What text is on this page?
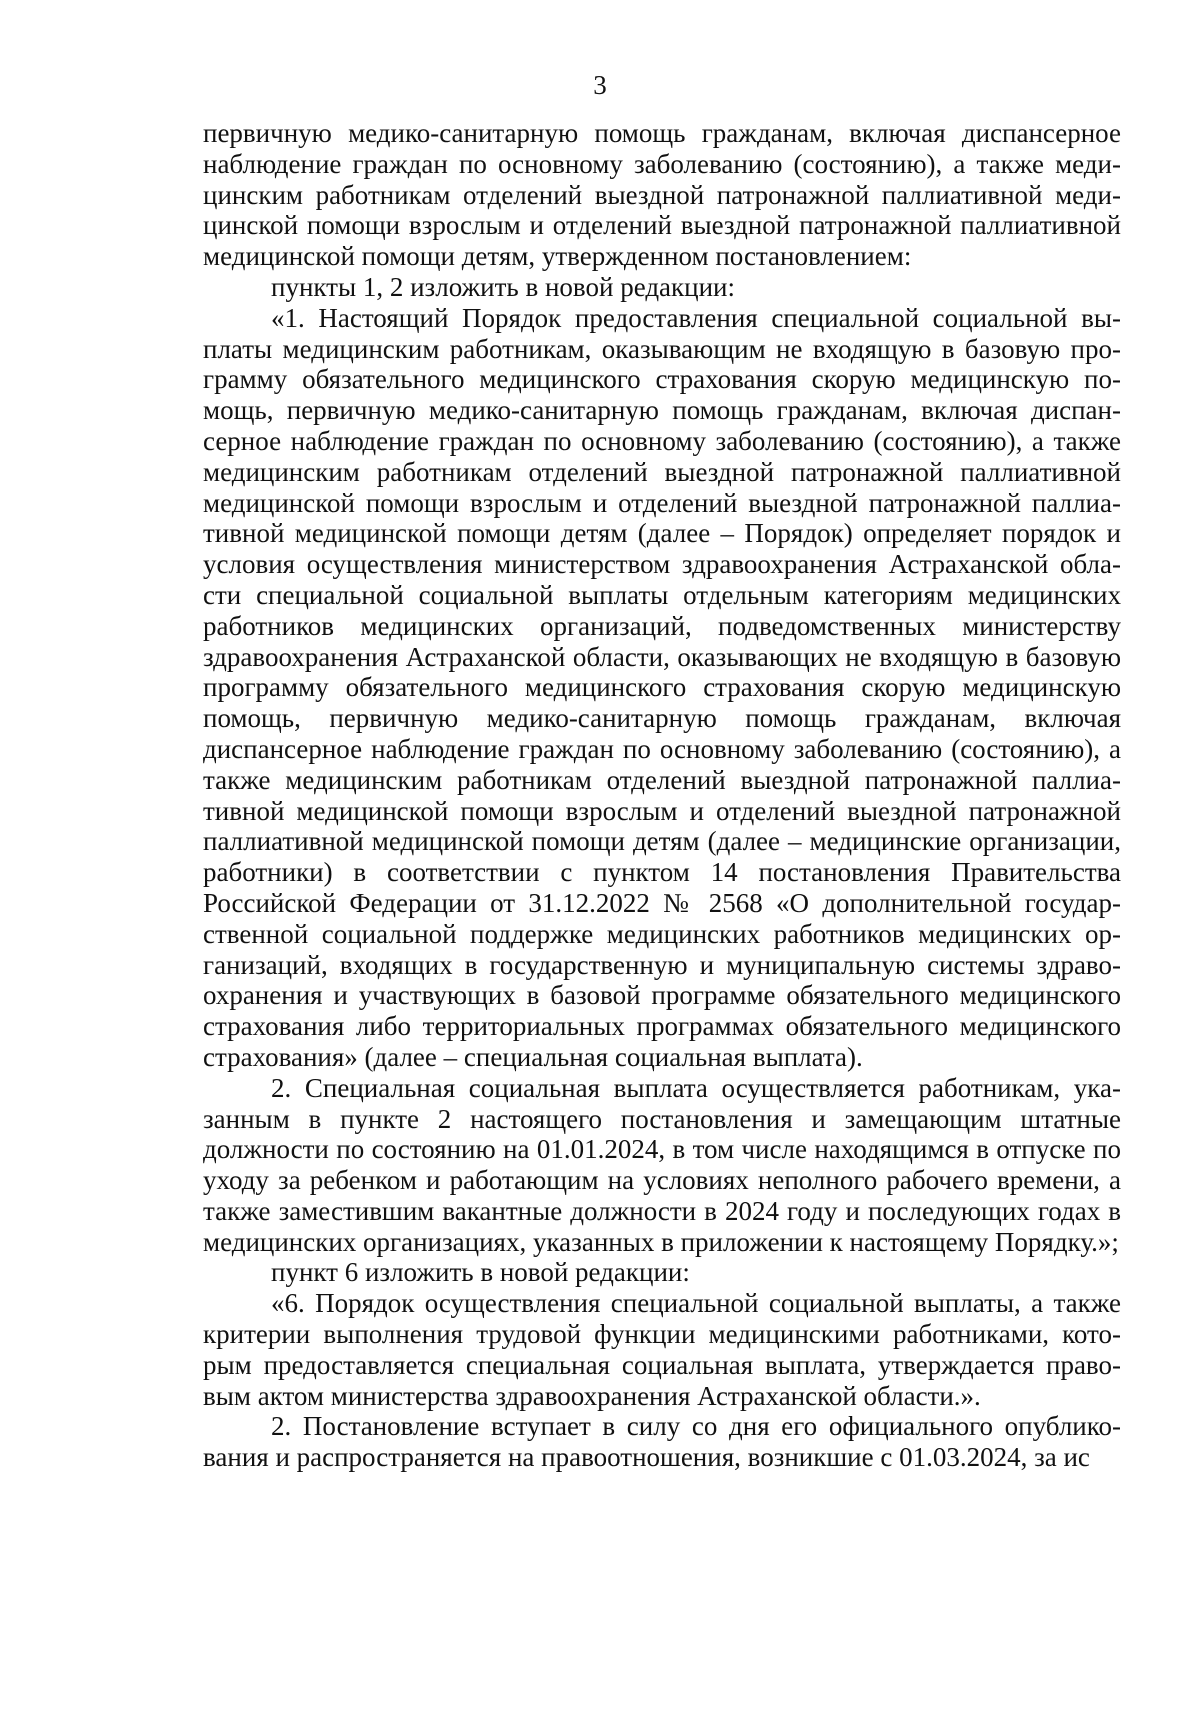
3

первичную медико-санитарную помощь гражданам, включая диспансерное наблюдение граждан по основному заболеванию (состоянию), а также медицинским работникам отделений выездной патронажной паллиативной медицинской помощи взрослым и отделений выездной патронажной паллиативной медицинской помощи детям, утвержденном постановлением:

пункты 1, 2 изложить в новой редакции:

«1. Настоящий Порядок предоставления специальной социальной выплаты медицинским работникам, оказывающим не входящую в базовую программу обязательного медицинского страхования скорую медицинскую помощь, первичную медико-санитарную помощь гражданам, включая диспансерное наблюдение граждан по основному заболеванию (состоянию), а также медицинским работникам отделений выездной патронажной паллиативной медицинской помощи взрослым и отделений выездной патронажной паллиативной медицинской помощи детям (далее – Порядок) определяет порядок и условия осуществления министерством здравоохранения Астраханской области специальной социальной выплаты отдельным категориям медицинских работников медицинских организаций, подведомственных министерству здравоохранения Астраханской области, оказывающих не входящую в базовую программу обязательного медицинского страхования скорую медицинскую помощь, первичную медико-санитарную помощь гражданам, включая диспансерное наблюдение граждан по основному заболеванию (состоянию), а также медицинским работникам отделений выездной патронажной паллиативной медицинской помощи взрослым и отделений выездной патронажной паллиативной медицинской помощи детям (далее – медицинские организации, работники) в соответствии с пунктом 14 постановления Правительства Российской Федерации от 31.12.2022 № 2568 «О дополнительной государственной социальной поддержке медицинских работников медицинских организаций, входящих в государственную и муниципальную системы здравоохранения и участвующих в базовой программе обязательного медицинского страхования либо территориальных программах обязательного медицинского страхования» (далее – специальная социальная выплата).

2. Специальная социальная выплата осуществляется работникам, указанным в пункте 2 настоящего постановления и замещающим штатные должности по состоянию на 01.01.2024, в том числе находящимся в отпуске по уходу за ребенком и работающим на условиях неполного рабочего времени, а также заместившим вакантные должности в 2024 году и последующих годах в медицинских организациях, указанных в приложении к настоящему Порядку.»;

пункт 6 изложить в новой редакции:

«6. Порядок осуществления специальной социальной выплаты, а также критерии выполнения трудовой функции медицинскими работниками, которым предоставляется специальная социальная выплата, утверждается правовым актом министерства здравоохранения Астраханской области.».

2. Постановление вступает в силу со дня его официального опубликования и распространяется на правоотношения, возникшие с 01.03.2024, за ис
